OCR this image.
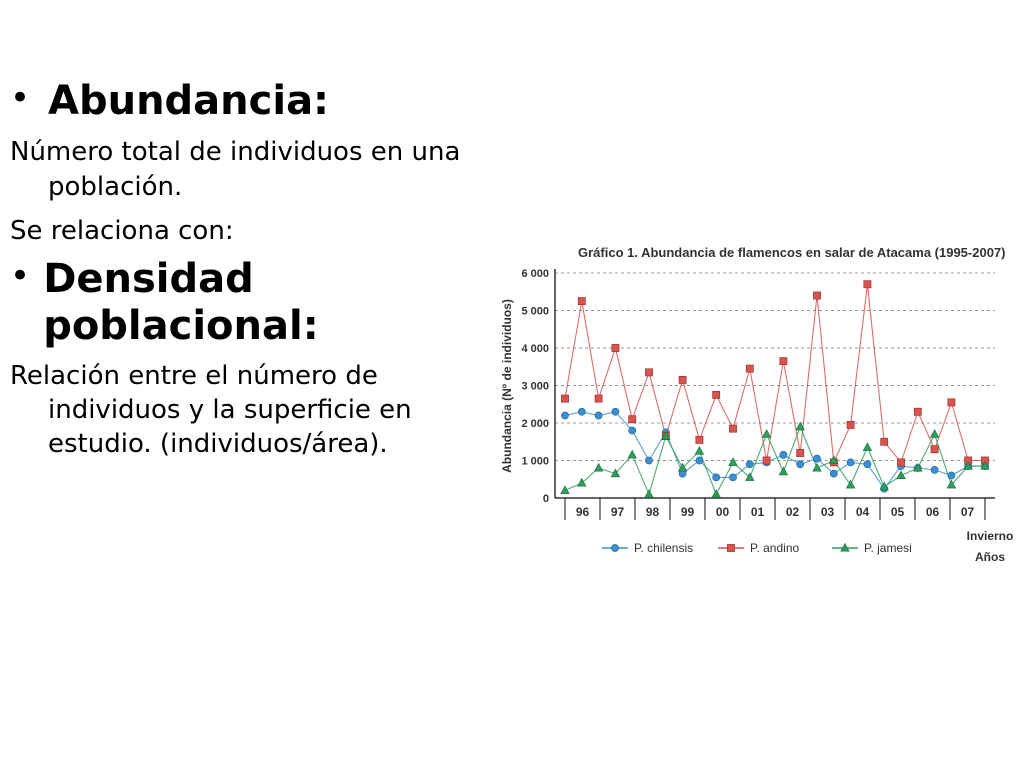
• Abundancia:
Número total de individuos en una población.
Se relaciona con:
• Densidad poblacional:
Relación entre el número de individuos y la superficie en estudio. (individuos/área).
0
1 000
2 000
3 000
4 000
5 000
6 000
96 97 98 99 00 01 02 03 04 05 06 07
Gráfico 1. Abundancia de flamencos en salar de Atacama (1995-2007)
Abundancia (Nº de individuos)
Invierno
Años
P. chilensis	P. andino	P. jamesi
